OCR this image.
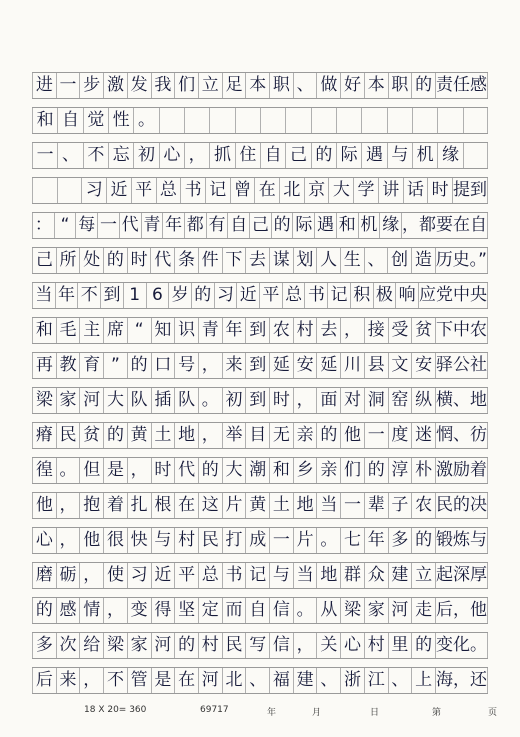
进 一 步 激 发 我 们 立 足 本 职 、 做 好 本 职 的 责任感
和 自 觉 性 。
一 、 不 忘 初 心 ， 抓 住 自 己 的 际 遇 与 机 缘
习 近 平 总 书 记 曾 在 北 京 大 学 讲 话 时 提到
： “ 每 一 代 青 年 都 有 自 己 的 际 遇 和 机 缘 ，都要在自
己 所 处 的 时 代 条 件 下 去 谋 划 人 生 、 创 造 历史。”
当 年 不 到 1 6 岁 的 习 近 平 总 书 记 积 极 响 应党中央
和 毛 主 席 “ 知 识 青 年 到 农 村 去 ， 接 受 贫 下中农
再 教 育 ” 的 口 号 ， 来 到 延 安 延 川 县 文 安 驿公社
梁 家 河 大 队 插 队 。 初 到 时 ， 面 对 洞 窑 纵 横、地
瘠 民 贫 的 黄 土 地 ， 举 目 无 亲 的 他 一 度 迷 惘、彷
徨 。 但 是 ， 时 代 的 大 潮 和 乡 亲 们 的 淳 朴 激励着
他 ， 抱 着 扎 根 在 这 片 黄 土 地 当 一 辈 子 农 民的决
心 ， 他 很 快 与 村 民 打 成 一 片 。 七 年 多 的 锻炼与
磨 砺 ， 使 习 近 平 总 书 记 与 当 地 群 众 建 立 起深厚
的 感 情 ， 变 得 坚 定 而 自 信 。 从 梁 家 河 走 后，他
多 次 给 梁 家 河 的 村 民 写 信 ， 关 心 村 里 的 变化。
后 来 ， 不 管 是 在 河 北 、 福 建 、 浙 江 、 上 海，还
18 X 20= 360	69717	年	月	日	第	页
